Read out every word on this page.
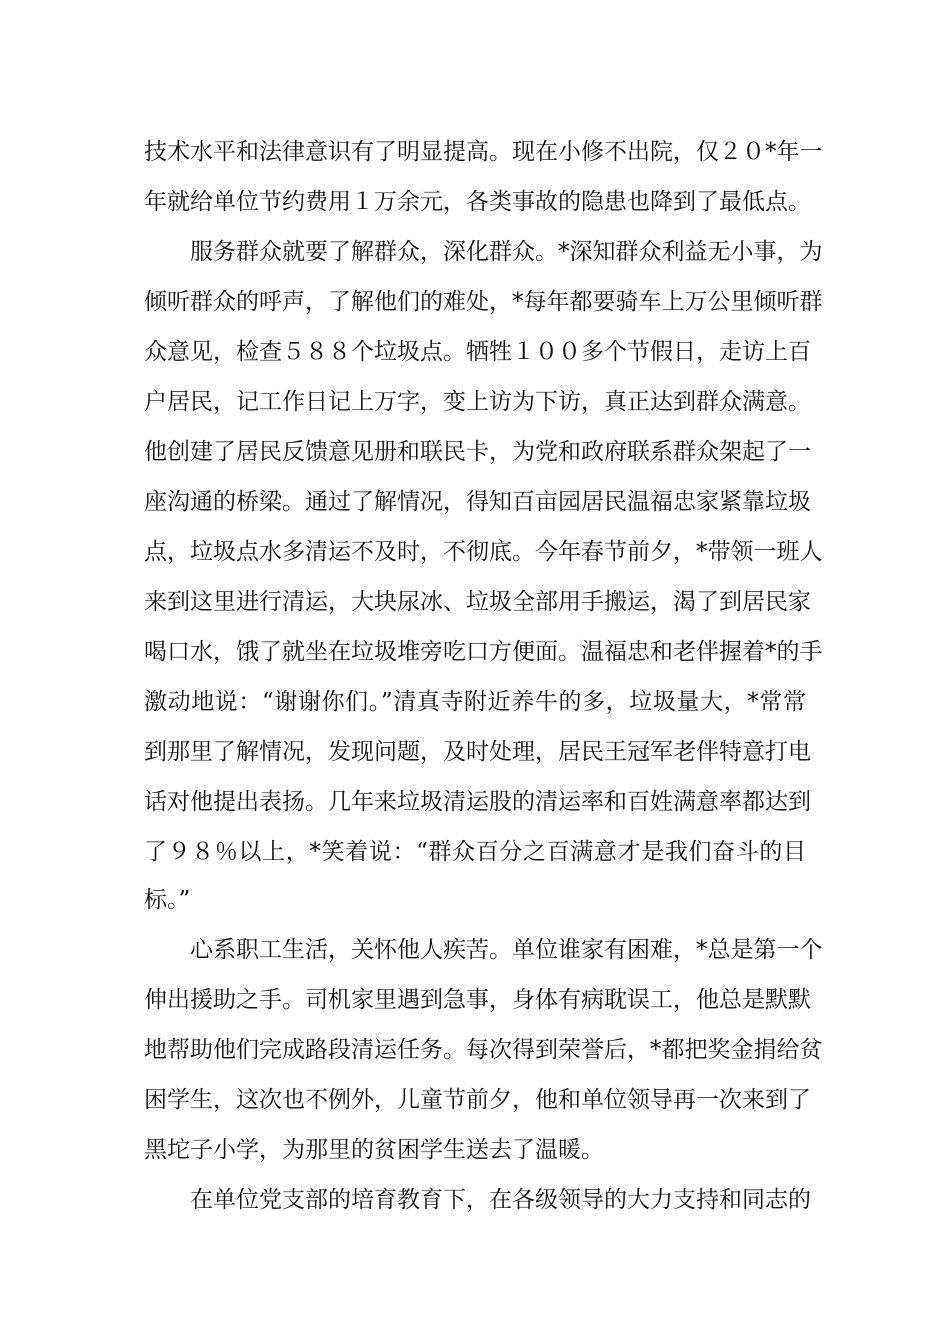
技术水平和法律意识有了明显提高。现在小修不出院，仅２０*年一
年就给单位节约费用１万余元，各类事故的隐患也降到了最低点。
服务群众就要了解群众，深化群众。*深知群众利益无小事，为
倾听群众的呼声，了解他们的难处，*每年都要骑车上万公里倾听群
众意见，检查５８８个垃圾点。牺牲１００多个节假日，走访上百
户居民，记工作日记上万字，变上访为下访，真正达到群众满意。
他创建了居民反馈意见册和联民卡，为党和政府联系群众架起了一
座沟通的桥梁。通过了解情况，得知百亩园居民温福忠家紧靠垃圾
点，垃圾点水多清运不及时，不彻底。今年春节前夕，*带领一班人
来到这里进行清运，大块尿冰、垃圾全部用手搬运，渴了到居民家
喝口水，饿了就坐在垃圾堆旁吃口方便面。温福忠和老伴握着*的手
激动地说：“谢谢你们。”清真寺附近养牛的多，垃圾量大，*常常
到那里了解情况，发现问题，及时处理，居民王冠军老伴特意打电
话对他提出表扬。几年来垃圾清运股的清运率和百姓满意率都达到
了９８％以上，*笑着说：“群众百分之百满意才是我们奋斗的目
标。”
心系职工生活，关怀他人疾苦。单位谁家有困难，*总是第一个
伸出援助之手。司机家里遇到急事，身体有病耽误工，他总是默默
地帮助他们完成路段清运任务。每次得到荣誉后，*都把奖金捐给贫
困学生，这次也不例外，儿童节前夕，他和单位领导再一次来到了
黑坨子小学，为那里的贫困学生送去了温暖。
在单位党支部的培育教育下，在各级领导的大力支持和同志的
